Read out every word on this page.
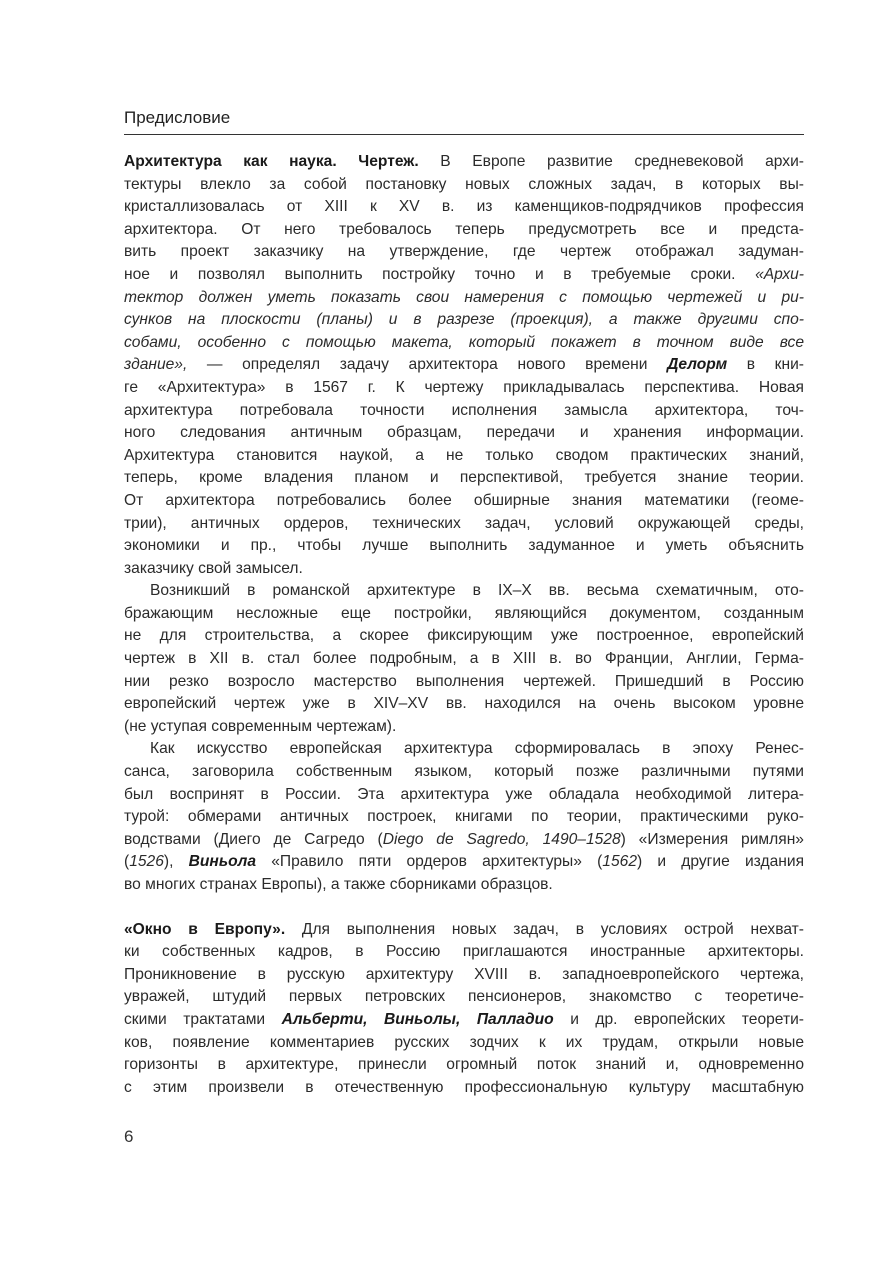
Предисловие
Архитектура как наука. Чертеж. В Европе развитие средневековой архи-
тектуры влекло за собой постановку новых сложных задач, в которых вы-
кристаллизовалась от XIII к XV в. из каменщиков-подрядчиков профессия
архитектора. От него требовалось теперь предусмотреть все и предста-
вить проект заказчику на утверждение, где чертеж отображал задуман-
ное и позволял выполнить постройку точно и в требуемые сроки. «Архи-
тектор должен уметь показать свои намерения с помощью чертежей и ри-
сунков на плоскости (планы) и в разрезе (проекция), а также другими спо-
собами, особенно с помощью макета, который покажет в точном виде все
здание», — определял задачу архитектора нового времени Делорм в кни-
ге «Архитектура» в 1567 г. К чертежу прикладывалась перспектива. Новая
архитектура потребовала точности исполнения замысла архитектора, точ-
ного следования античным образцам, передачи и хранения информации.
Архитектура становится наукой, а не только сводом практических знаний,
теперь, кроме владения планом и перспективой, требуется знание теории.
От архитектора потребовались более обширные знания математики (геоме-
трии), античных ордеров, технических задач, условий окружающей среды,
экономики и пр., чтобы лучше выполнить задуманное и уметь объяснить
заказчику свой замысел.
Возникший в романской архитектуре в IX–X вв. весьма схематичным, ото-
бражающим несложные еще постройки, являющийся документом, созданным
не для строительства, а скорее фиксирующим уже построенное, европейский
чертеж в XII в. стал более подробным, а в XIII в. во Франции, Англии, Герма-
нии резко возросло мастерство выполнения чертежей. Пришедший в Россию
европейский чертеж уже в XIV–XV вв. находился на очень высоком уровне
(не уступая современным чертежам).
Как искусство европейская архитектура сформировалась в эпоху Ренес-
санса, заговорила собственным языком, который позже различными путями
был воспринят в России. Эта архитектура уже обладала необходимой литера-
турой: обмерами античных построек, книгами по теории, практическими руко-
водствами (Диего де Сагредо (Diego de Sagredo, 1490–1528) «Измерения римлян»
(1526), Виньола «Правило пяти ордеров архитектуры» (1562) и другие издания
во многих странах Европы), а также сборниками образцов.
«Окно в Европу». Для выполнения новых задач, в условиях острой нехват-
ки собственных кадров, в Россию приглашаются иностранные архитекторы.
Проникновение в русскую архитектуру XVIII в. западноевропейского чертежа,
увражей, штудий первых петровских пенсионеров, знакомство с теоретиче-
скими трактатами Альберти, Виньолы, Палладио и др. европейских теорети-
ков, появление комментариев русских зодчих к их трудам, открыли новые
горизонты в архитектуре, принесли огромный поток знаний и, одновременно
с этим произвели в отечественную профессиональную культуру масштабную
6
